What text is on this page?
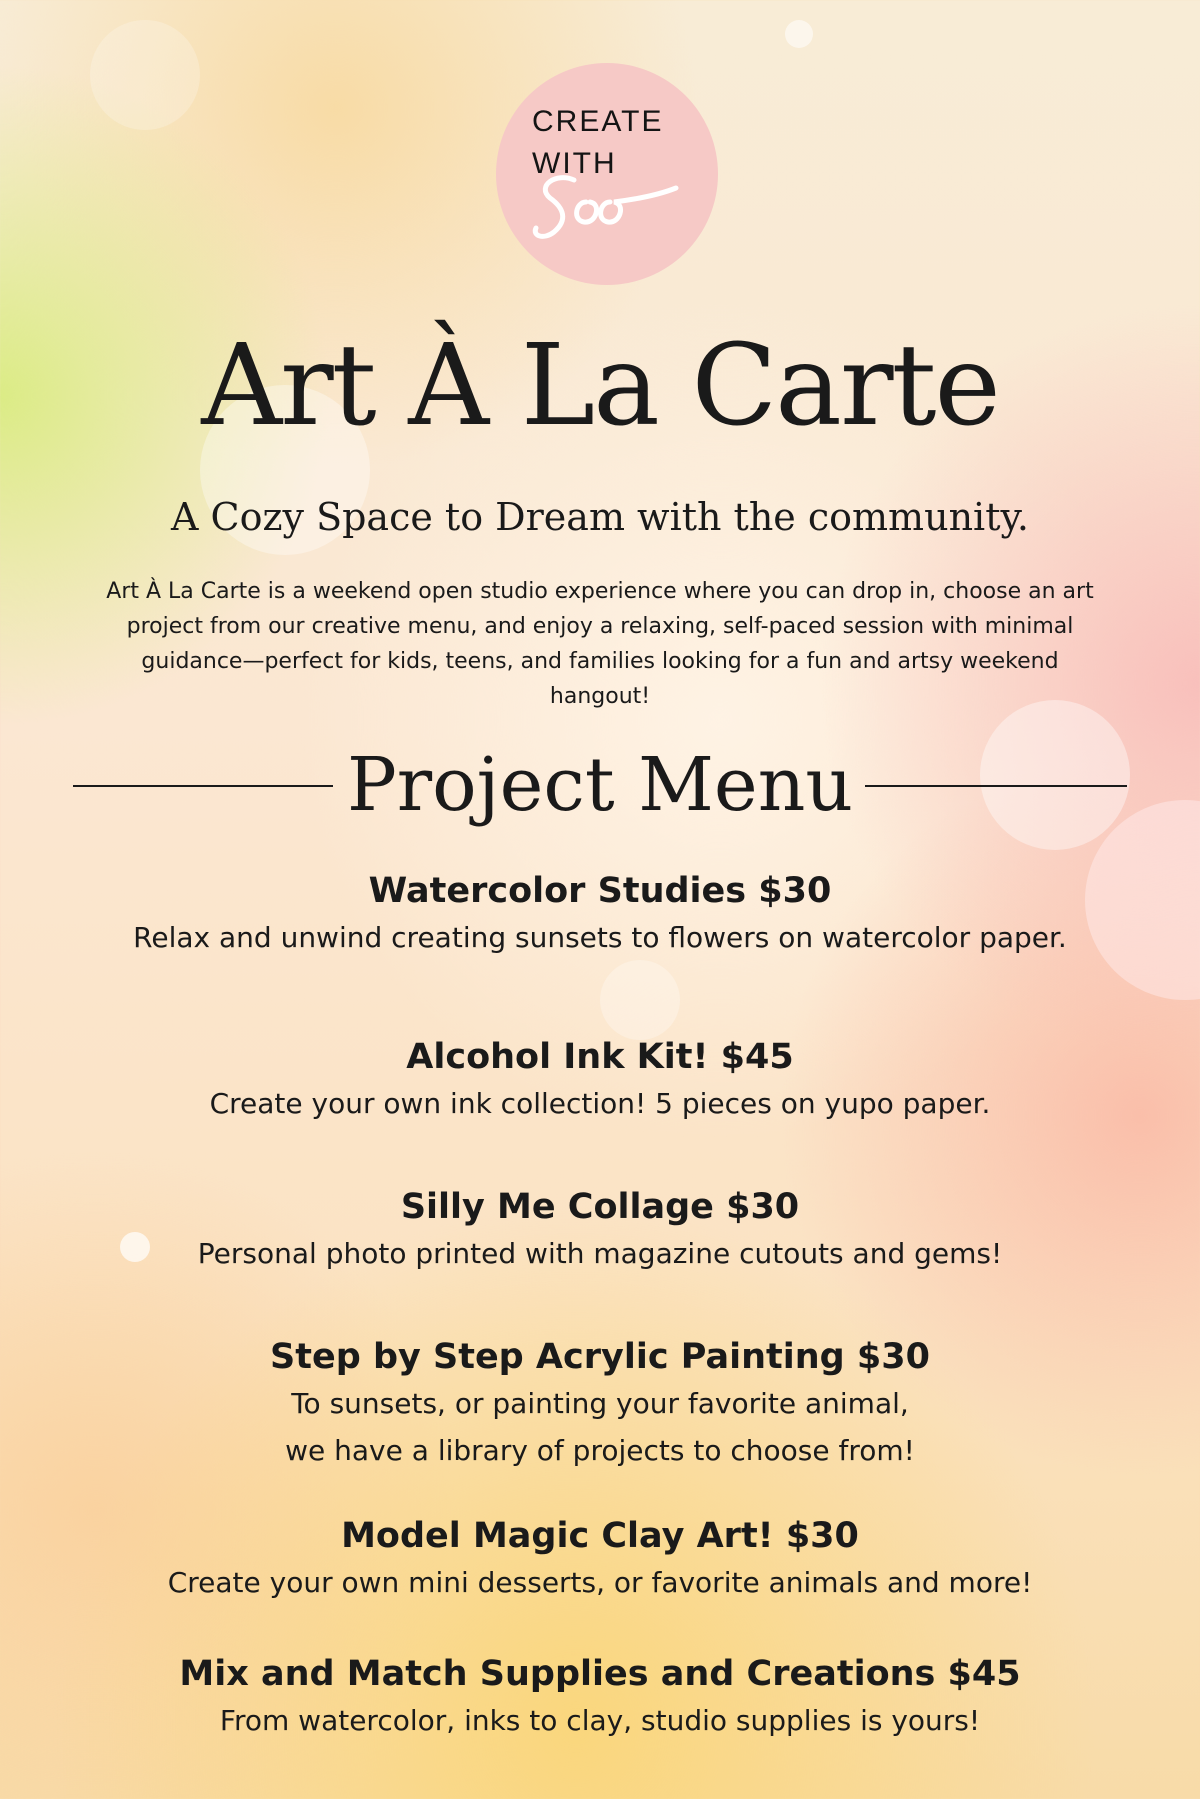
CREATE
WITH
Art À La Carte
A Cozy Space to Dream with the community.

Art À La Carte is a weekend open studio experience where you can drop in, choose an art project from our creative menu, and enjoy a relaxing, self-paced session with minimal guidance—perfect for kids, teens, and families looking for a fun and artsy weekend hangout!

Project Menu

Watercolor Studies $30

Relax and unwind creating sunsets to flowers on watercolor paper.

Alcohol Ink Kit! $45

Create your own ink collection! 5 pieces on yupo paper.

Silly Me Collage $30

Personal photo printed with magazine cutouts and gems!

Step by Step Acrylic Painting $30

To sunsets, or painting your favorite animal,

we have a library of projects to choose from!

Model Magic Clay Art! $30

Create your own mini desserts, or favorite animals and more!

Mix and Match Supplies and Creations $45

From watercolor, inks to clay, studio supplies is yours!
